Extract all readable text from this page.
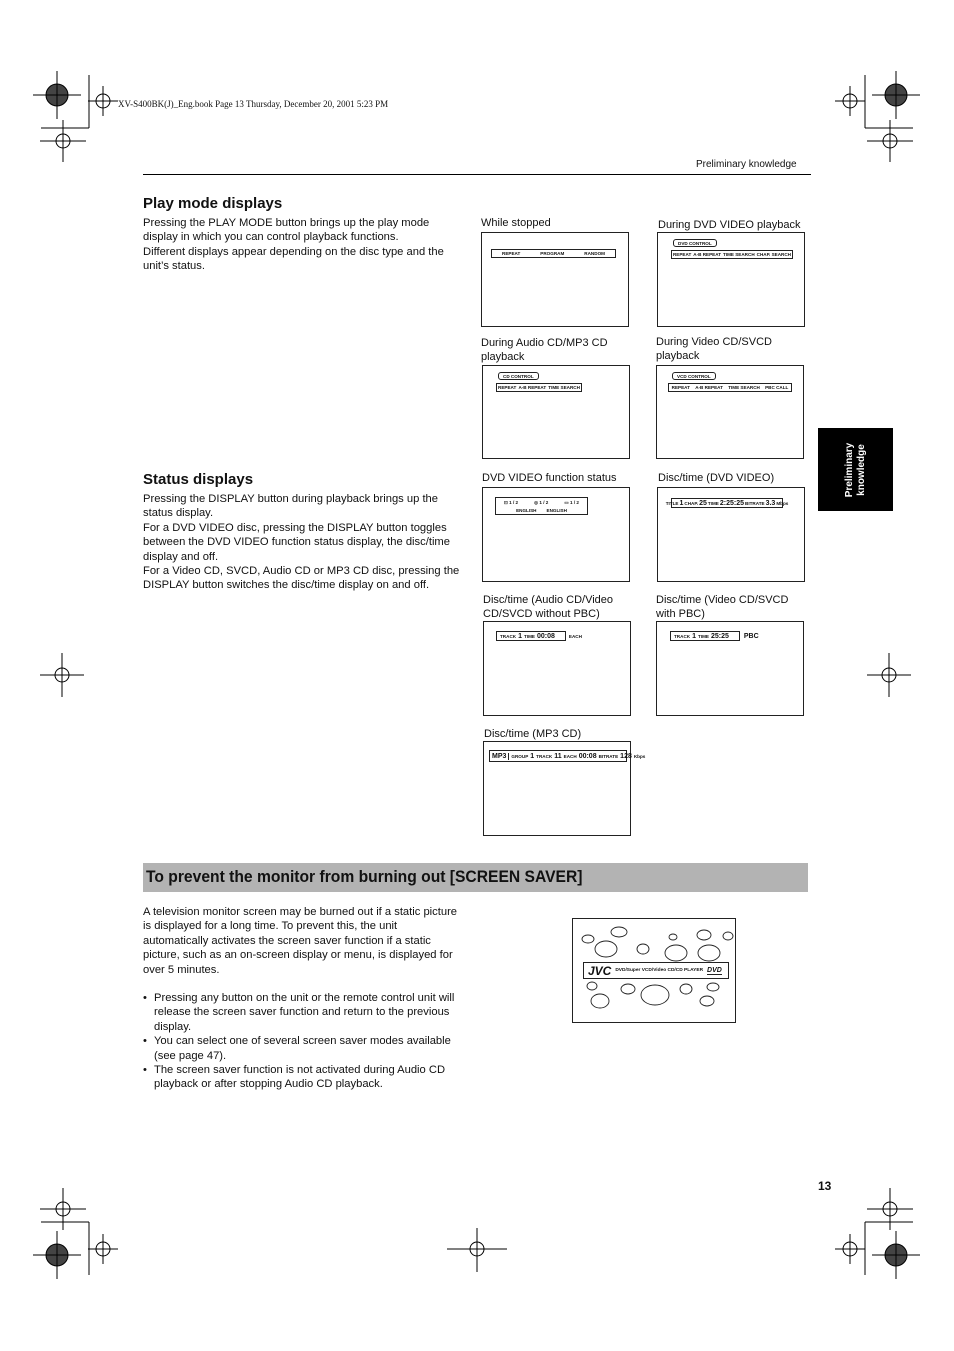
XV-S400BK(J)_Eng.book Page 13 Thursday, December 20, 2001 5:23 PM
Preliminary knowledge
Play mode displays

Pressing the PLAY MODE button brings up the play mode display in which you can control playback functions.

Different displays appear depending on the disc type and the unit’s status.

Status displays

Pressing the DISPLAY button during playback brings up the status display.

For a DVD VIDEO disc, pressing the DISPLAY button toggles between the DVD VIDEO function status display, the disc/time display and off.

For a Video CD, SVCD, Audio CD or MP3 CD disc, pressing the DISPLAY button switches the disc/time display on and off.

While stopped
REPEAT	PROGRAM	RANDOM
During DVD VIDEO playback
DVD CONTROL
REPEAT A-B REPEAT TIME SEARCH CHAP. SEARCH
During Audio CD/MP3 CD playback
CD CONTROL
REPEAT A-B REPEAT TIME SEARCH
During Video CD/SVCD playback
VCD CONTROL
REPEAT A-B REPEAT TIME SEARCH PBC CALL
DVD VIDEO function status
⊡ 1 / 2	◎ 1 / 2	▭ 1 / 2
ENGLISH ENGLISH
Disc/time (DVD VIDEO)
TITLE 1 CHAP. 25 TIME 2:25:25 BITRATE 3.3 Mbps
Disc/time (Audio CD/Video CD/SVCD without PBC)
TRACK 1 TIME 00:08	EACH
Disc/time (Video CD/SVCD with PBC)
TRACK 1 TIME 25:25	PBC
Disc/time (MP3 CD)
MP3	GROUP 1 TRACK 11 EACH 00:08 BITRATE 128 Kbps
Preliminary knowledge
To prevent the monitor from burning out [SCREEN SAVER]

A television monitor screen may be burned out if a static picture is displayed for a long time. To prevent this, the unit automatically activates the screen saver function if a static picture, such as an on-screen display or menu, is displayed for over 5 minutes.

• Pressing any button on the unit or the remote control unit will release the screen saver function and return to the previous display.
• You can select one of several screen saver modes available (see page 47).
• The screen saver function is not activated during Audio CD playback or after stopping Audio CD playback.
JVC DVD/Super VCD/Video CD/CD PLAYER DVD
13
